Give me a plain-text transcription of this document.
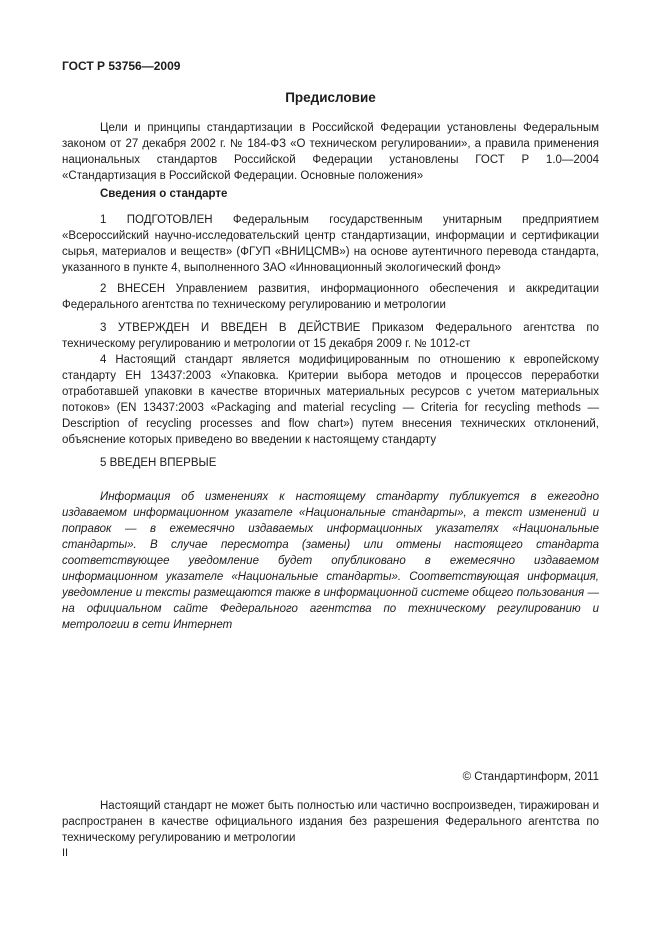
ГОСТ Р 53756—2009

Предисловие

Цели и принципы стандартизации в Российской Федерации установлены Федеральным законом от 27 декабря 2002 г. № 184-ФЗ «О техническом регулировании», а правила применения национальных стандартов Российской Федерации установлены ГОСТ Р 1.0—2004 «Стандартизация в Российской Федерации. Основные положения»

Сведения о стандарте

1 ПОДГОТОВЛЕН Федеральным государственным унитарным предприятием «Всероссийский научно-исследовательский центр стандартизации, информации и сертификации сырья, материалов и веществ» (ФГУП «ВНИЦСМВ») на основе аутентичного перевода стандарта, указанного в пункте 4, выполненного ЗАО «Инновационный экологический фонд»

2 ВНЕСЕН Управлением развития, информационного обеспечения и аккредитации Федерального агентства по техническому регулированию и метрологии

3 УТВЕРЖДЕН И ВВЕДЕН В ДЕЙСТВИЕ Приказом Федерального агентства по техническому регулированию и метрологии от 15 декабря 2009 г. № 1012-ст

4 Настоящий стандарт является модифицированным по отношению к европейскому стандарту ЕН 13437:2003 «Упаковка. Критерии выбора методов и процессов переработки отработавшей упаковки в качестве вторичных материальных ресурсов с учетом материальных потоков» (EN 13437:2003 «Packaging and material recycling — Criteria for recycling methods — Description of recycling processes and flow chart») путем внесения технических отклонений, объяснение которых приведено во введении к настоящему стандарту

5 ВВЕДЕН ВПЕРВЫЕ

Информация об изменениях к настоящему стандарту публикуется в ежегодно издаваемом информационном указателе «Национальные стандарты», а текст изменений и поправок — в ежемесячно издаваемых информационных указателях «Национальные стандарты». В случае пересмотра (замены) или отмены настоящего стандарта соответствующее уведомление будет опубликовано в ежемесячно издаваемом информационном указателе «Национальные стандарты». Соответствующая информация, уведомление и тексты размещаются также в информационной системе общего пользования — на официальном сайте Федерального агентства по техническому регулированию и метрологии в сети Интернет

© Стандартинформ, 2011

Настоящий стандарт не может быть полностью или частично воспроизведен, тиражирован и распространен в качестве официального издания без разрешения Федерального агентства по техническому регулированию и метрологии

II
